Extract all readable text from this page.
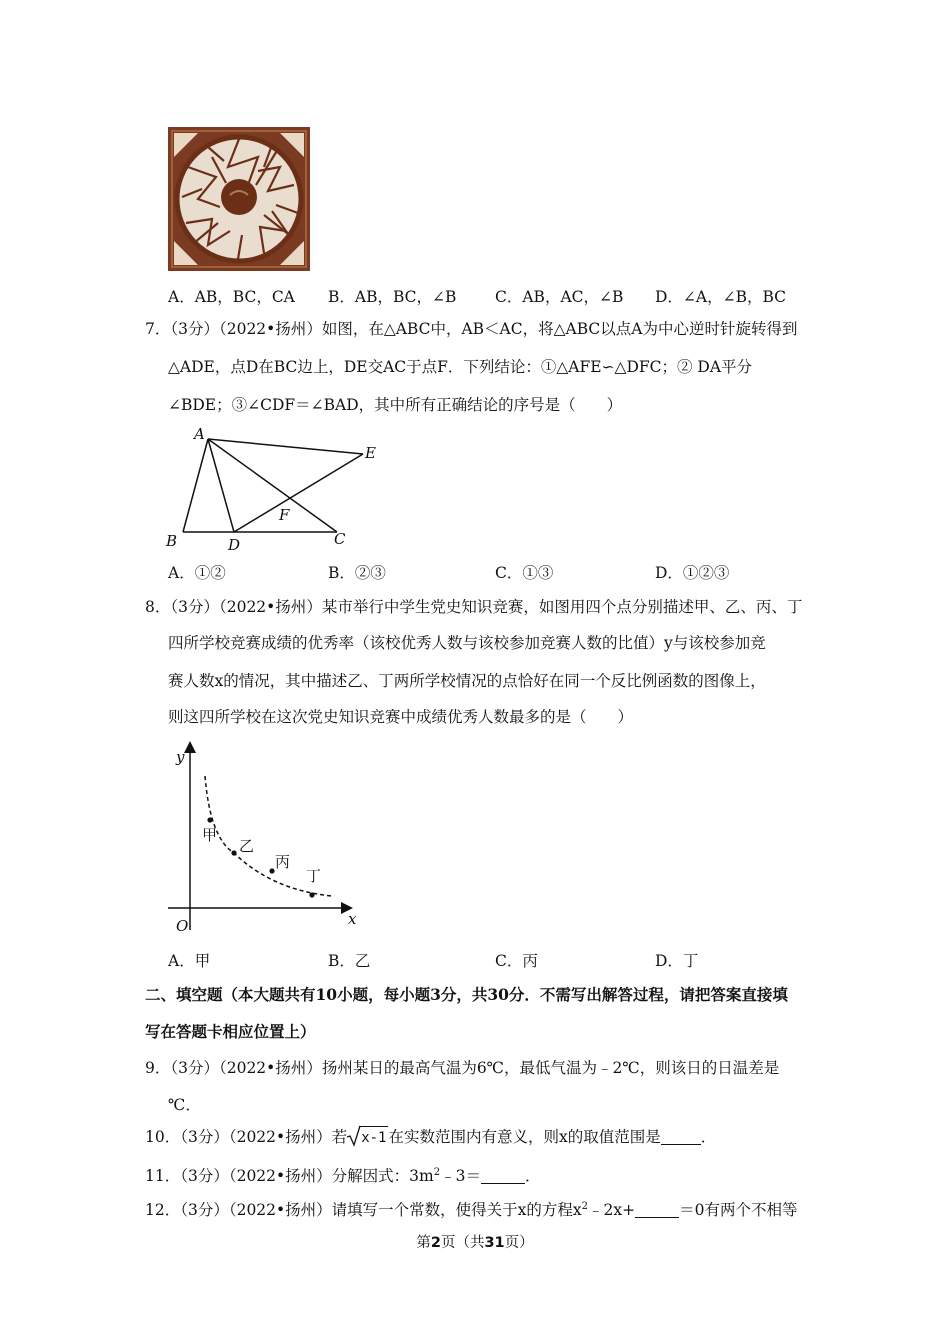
A．AB，BC，CA B．AB，BC，∠B C．AB，AC，∠B D．∠A，∠B，BC
7．（3分）（2022•扬州）如图，在△ABC中，AB＜AC，将△ABC以点A为中心逆时针旋转得到
△ADE，点D在BC边上，DE交AC于点F．下列结论：①△AFE∽△DFC；② DA平分
∠BDE；③∠CDF＝∠BAD，其中所有正确结论的序号是（　　）
A
B	C
D
E
F
A．①②	B．②③	C．①③	D．①②③
8．（3分）（2022•扬州）某市举行中学生党史知识竞赛，如图用四个点分别描述甲、乙、丙、丁
四所学校竞赛成绩的优秀率（该校优秀人数与该校参加竞赛人数的比值）y与该校参加竞
赛人数x的情况，其中描述乙、丁两所学校情况的点恰好在同一个反比例函数的图像上，
则这四所学校在这次党史知识竞赛中成绩优秀人数最多的是（　　）
y
x
O
甲
乙
丙
丁
A．甲	B．乙	C．丙	D．丁
二、填空题（本大题共有10小题，每小题3分，共30分．不需写出解答过程，请把答案直接填
写在答题卡相应位置上）
9．（3分）（2022•扬州）扬州某日的最高气温为6℃，最低气温为﹣2℃，则该日的日温差是
℃．
10．（3分）（2022•扬州）若 x-1 在实数范围内有意义，则x的取值范围是	．
11．（3分）（2022•扬州）分解因式：$3m^2﹣3=$	．
12．（3分）（2022•扬州）请填写一个常数，使得关于x的方程$x^2﹣2x+$	＝0有两个不相等
第2页（共31页）
